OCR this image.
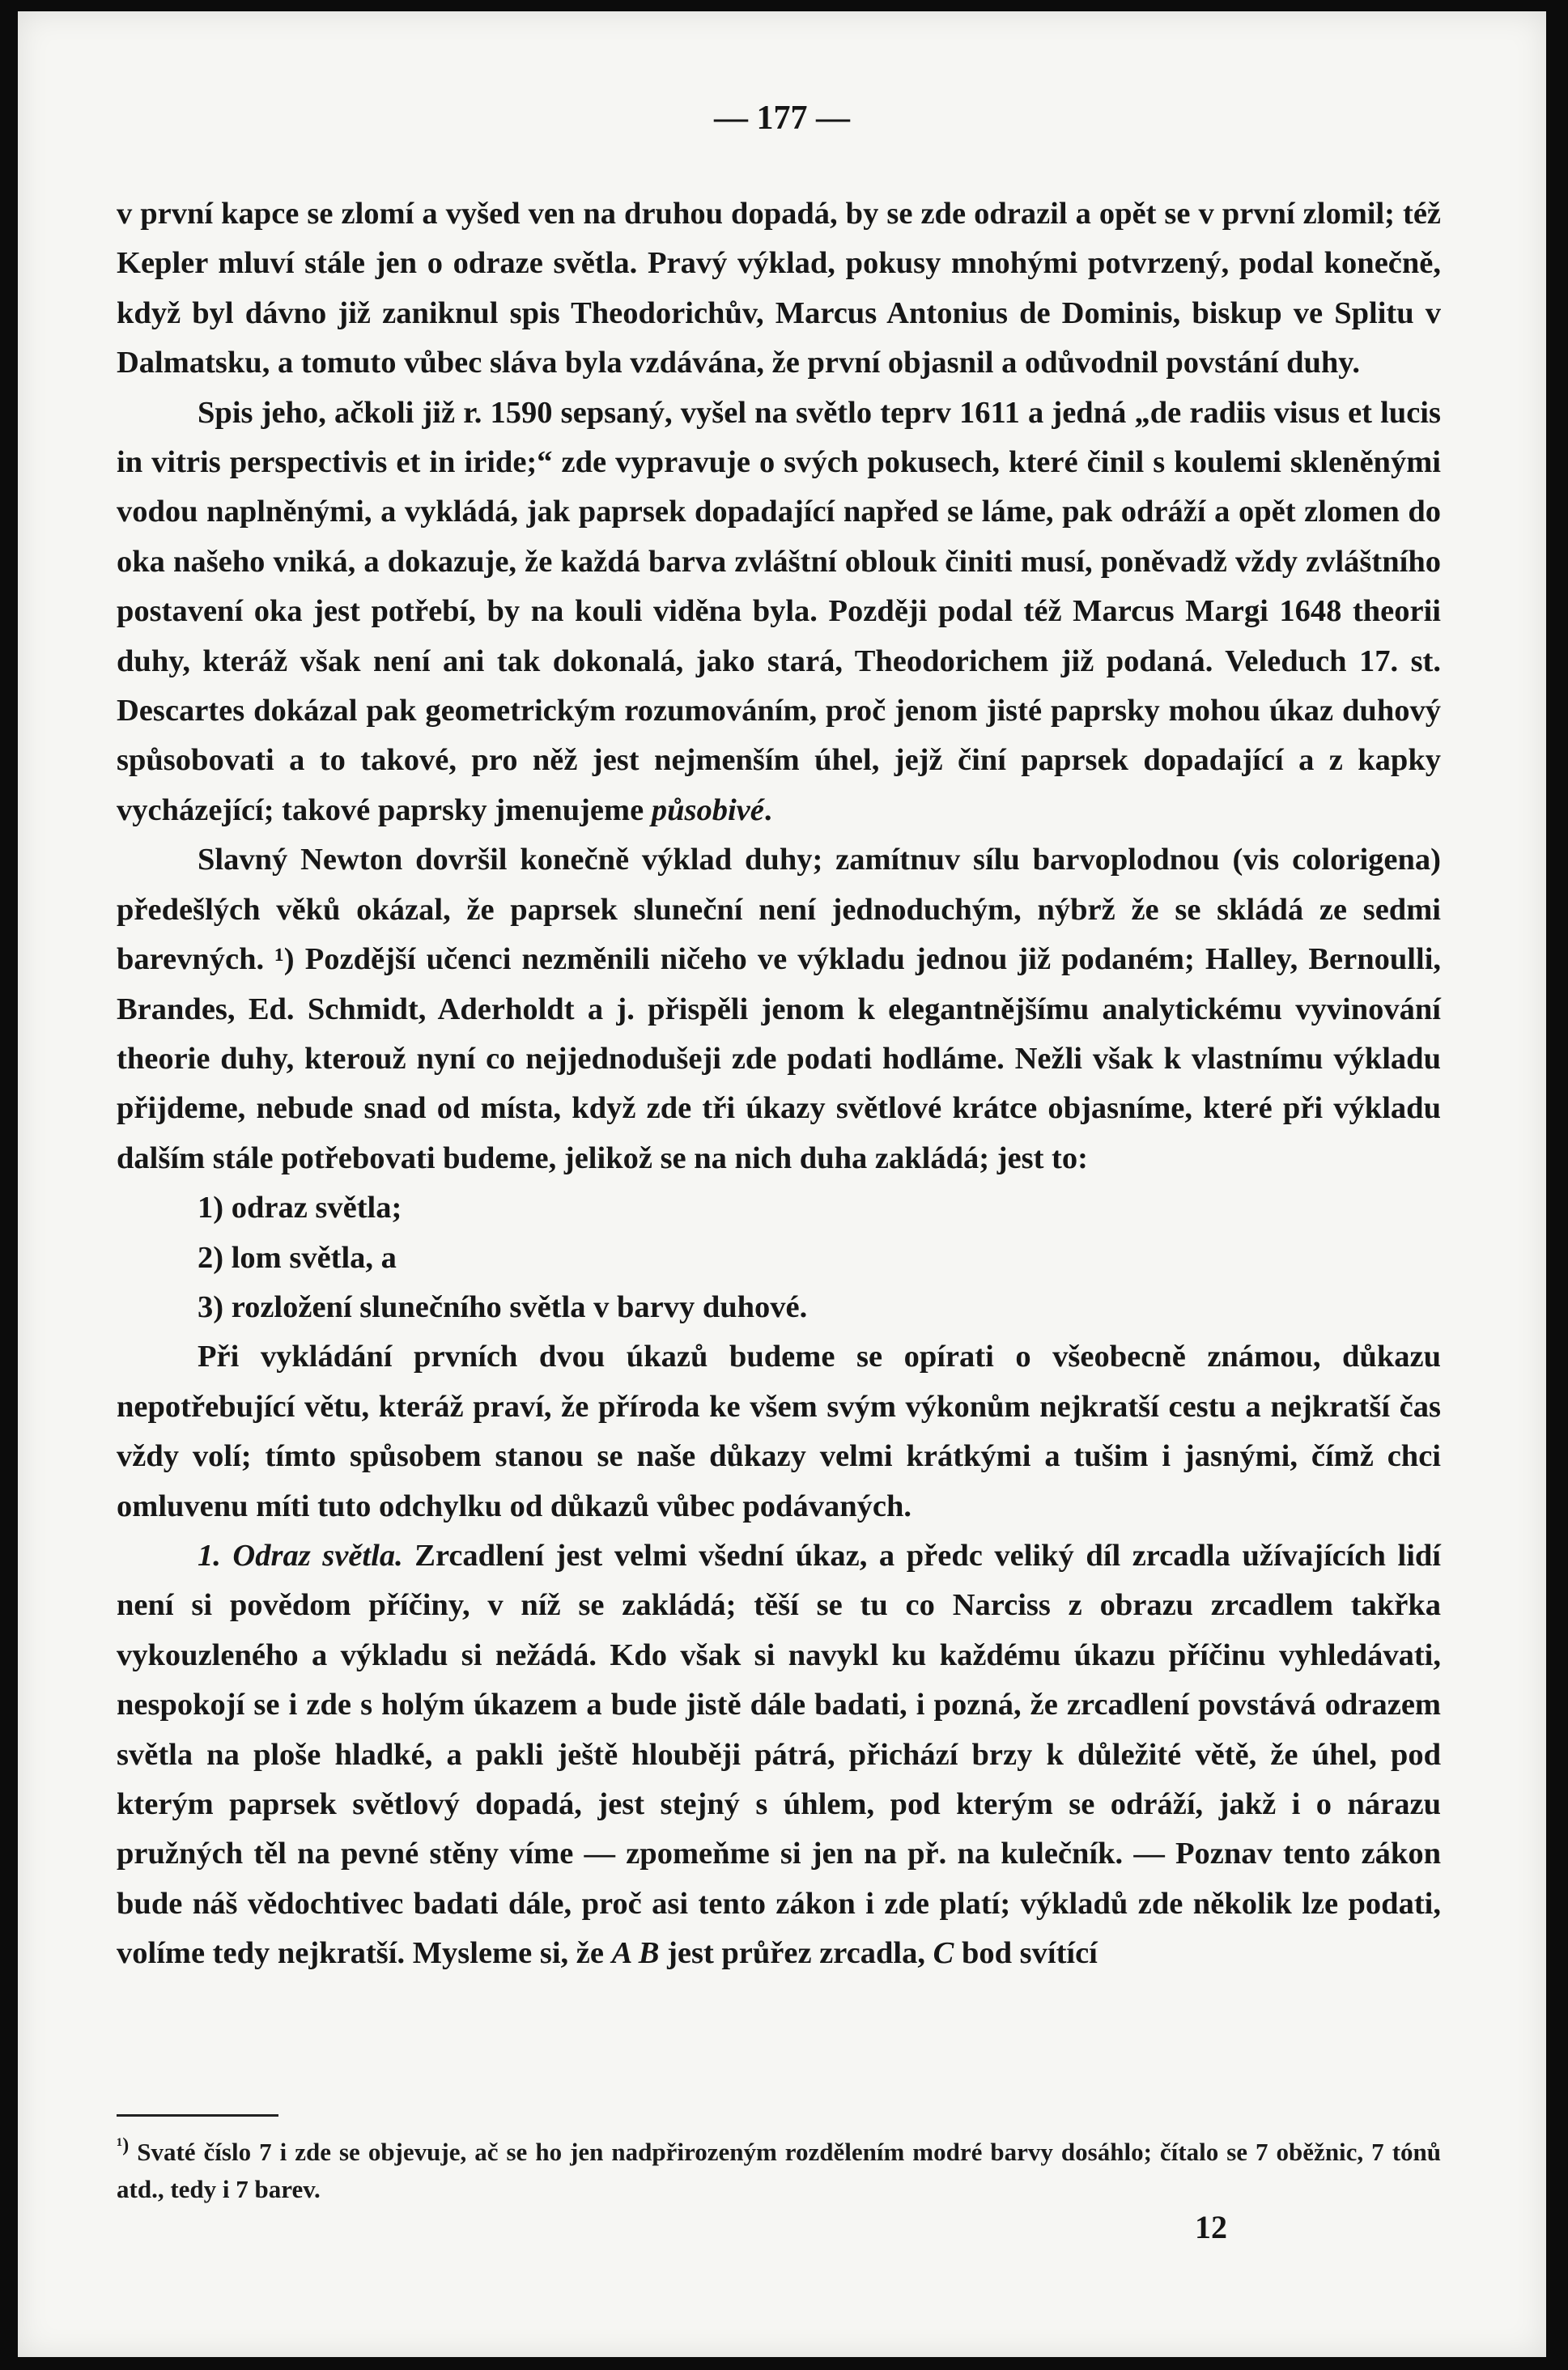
— 177 —

v první kapce se zlomí a vyšed ven na druhou dopadá, by se zde odrazil a opět se v první zlomil; též Kepler mluví stále jen o odraze světla. Pravý výklad, pokusy mnohými potvrzený, podal konečně, když byl dávno již zaniknul spis Theodorichův, Marcus Antonius de Dominis, biskup ve Splitu v Dalmatsku, a tomuto vůbec sláva byla vzdávána, že první objasnil a odůvodnil povstání duhy.

Spis jeho, ačkoli již r. 1590 sepsaný, vyšel na světlo teprv 1611 a jedná „de radiis visus et lucis in vitris perspectivis et in iride;“ zde vypravuje o svých pokusech, které činil s koulemi skleněnými vodou naplněnými, a vykládá, jak paprsek dopadající napřed se láme, pak odráží a opět zlomen do oka našeho vniká, a dokazuje, že každá barva zvláštní oblouk činiti musí, poněvadž vždy zvláštního postavení oka jest potřebí, by na kouli viděna byla. Později podal též Marcus Margi 1648 theorii duhy, kteráž však není ani tak dokonalá, jako stará, Theodorichem již podaná. Veleduch 17. st. Descartes dokázal pak geometrickým rozumováním, proč jenom jisté paprsky mohou úkaz duhový spůsobovati a to takové, pro něž jest nejmenším úhel, jejž činí paprsek dopadající a z kapky vycházející; takové paprsky jmenujeme působivé.

Slavný Newton dovršil konečně výklad duhy; zamítnuv sílu barvoplodnou (vis colorigena) předešlých věků okázal, že paprsek sluneční není jednoduchým, nýbrž že se skládá ze sedmi barevných. ¹) Pozdější učenci nezměnili ničeho ve výkladu jednou již podaném; Halley, Bernoulli, Brandes, Ed. Schmidt, Aderholdt a j. přispěli jenom k elegantnějšímu analytickému vyvinování theorie duhy, kterouž nyní co nejjednodušeji zde podati hodláme. Nežli však k vlastnímu výkladu přijdeme, nebude snad od místa, když zde tři úkazy světlové krátce objasníme, které při výkladu dalším stále potřebovati budeme, jelikož se na nich duha zakládá; jest to:

1) odraz světla;

2) lom světla, a

3) rozložení slunečního světla v barvy duhové.

Při vykládání prvních dvou úkazů budeme se opírati o všeobecně známou, důkazu nepotřebující větu, kteráž praví, že příroda ke všem svým výkonům nejkratší cestu a nejkratší čas vždy volí; tímto spůsobem stanou se naše důkazy velmi krátkými a tušim i jasnými, čímž chci omluvenu míti tuto odchylku od důkazů vůbec podávaných.

1. Odraz světla. Zrcadlení jest velmi všední úkaz, a předc veliký díl zrcadla užívajících lidí není si povědom příčiny, v níž se zakládá; těší se tu co Narciss z obrazu zrcadlem takřka vykouzleného a výkladu si nežádá. Kdo však si navykl ku každému úkazu příčinu vyhledávati, nespokojí se i zde s holým úkazem a bude jistě dále badati, i pozná, že zrcadlení povstává odrazem světla na ploše hladké, a pakli ještě hlouběji pátrá, přichází brzy k důležité větě, že úhel, pod kterým paprsek světlový dopadá, jest stejný s úhlem, pod kterým se odráží, jakž i o nárazu pružných těl na pevné stěny víme — zpomeňme si jen na př. na kulečník. — Poznav tento zákon bude náš vědochtivec badati dále, proč asi tento zákon i zde platí; výkladů zde několik lze podati, volíme tedy nejkratší. Mysleme si, že A B jest průřez zrcadla, C bod svítící

$^{^1)}$ Svaté číslo 7 i zde se objevuje, ač se ho jen nadpřirozeným rozdělením modré barvy dosáhlo; čítalo se 7 oběžnic, 7 tónů atd., tedy i 7 barev.
12
